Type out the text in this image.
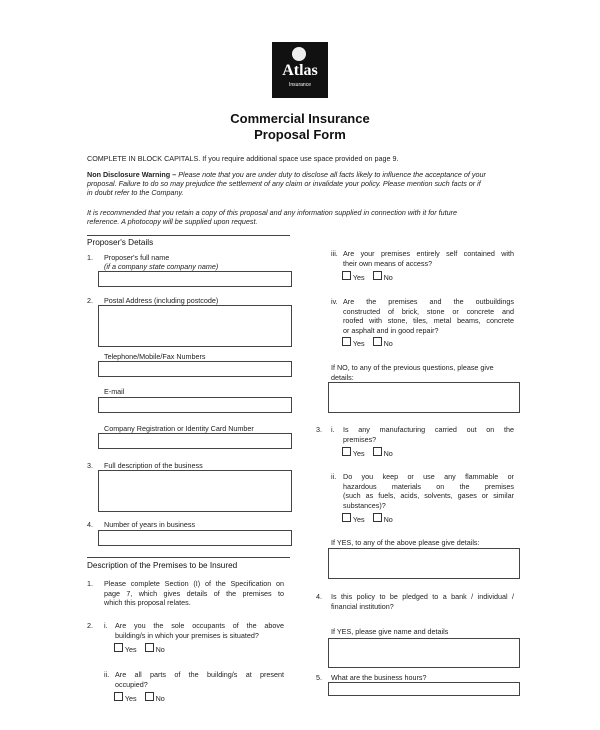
Atlas
Insurance
Commercial Insurance
Proposal Form
COMPLETE IN BLOCK CAPITALS. If you require additional space use space provided on page 9.
Non Disclosure Warning – Please note that you are under duty to disclose all facts likely to influence the acceptance of your
proposal. Failure to do so may prejudice the settlement of any claim or invalidate your policy. Please mention such facts or if
in doubt refer to the Company.
It is recommended that you retain a copy of this proposal and any information supplied in connection with it for future
reference. A photocopy will be supplied upon request.
Proposer's Details
1. Proposer's full name
(if a company state company name)
2. Postal Address (including postcode)
Telephone/Mobile/Fax Numbers
E-mail
Company Registration or Identity Card Number
3. Full description of the business
4. Number of years in business
Description of the Premises to be Insured
1. Please complete Section (I) of the Specification on
page 7, which gives details of the premises to
which this proposal relates.
2. i. Are you the sole occupants of the above
building/s in which your premises is situated?
Yes	No
ii. Are all parts of the building/s at present
occupied?
Yes	No
iii. Are your premises entirely self contained with
their own means of access?
Yes	No
iv. Are the premises and the outbuildings
constructed of brick, stone or concrete and
roofed with stone, tiles, metal beams, concrete
or asphalt and in good repair?
Yes	No
If NO, to any of the previous questions, please give
details:
3. i. Is any manufacturing carried out on the
premises?
Yes	No
ii. Do you keep or use any flammable or
hazardous materials on the premises
(such as fuels, acids, solvents, gases or similar
substances)?
Yes	No
If YES, to any of the above please give details:
4. Is this policy to be pledged to a bank / individual /
financial institution?
If YES, please give name and details
5. What are the business hours?
